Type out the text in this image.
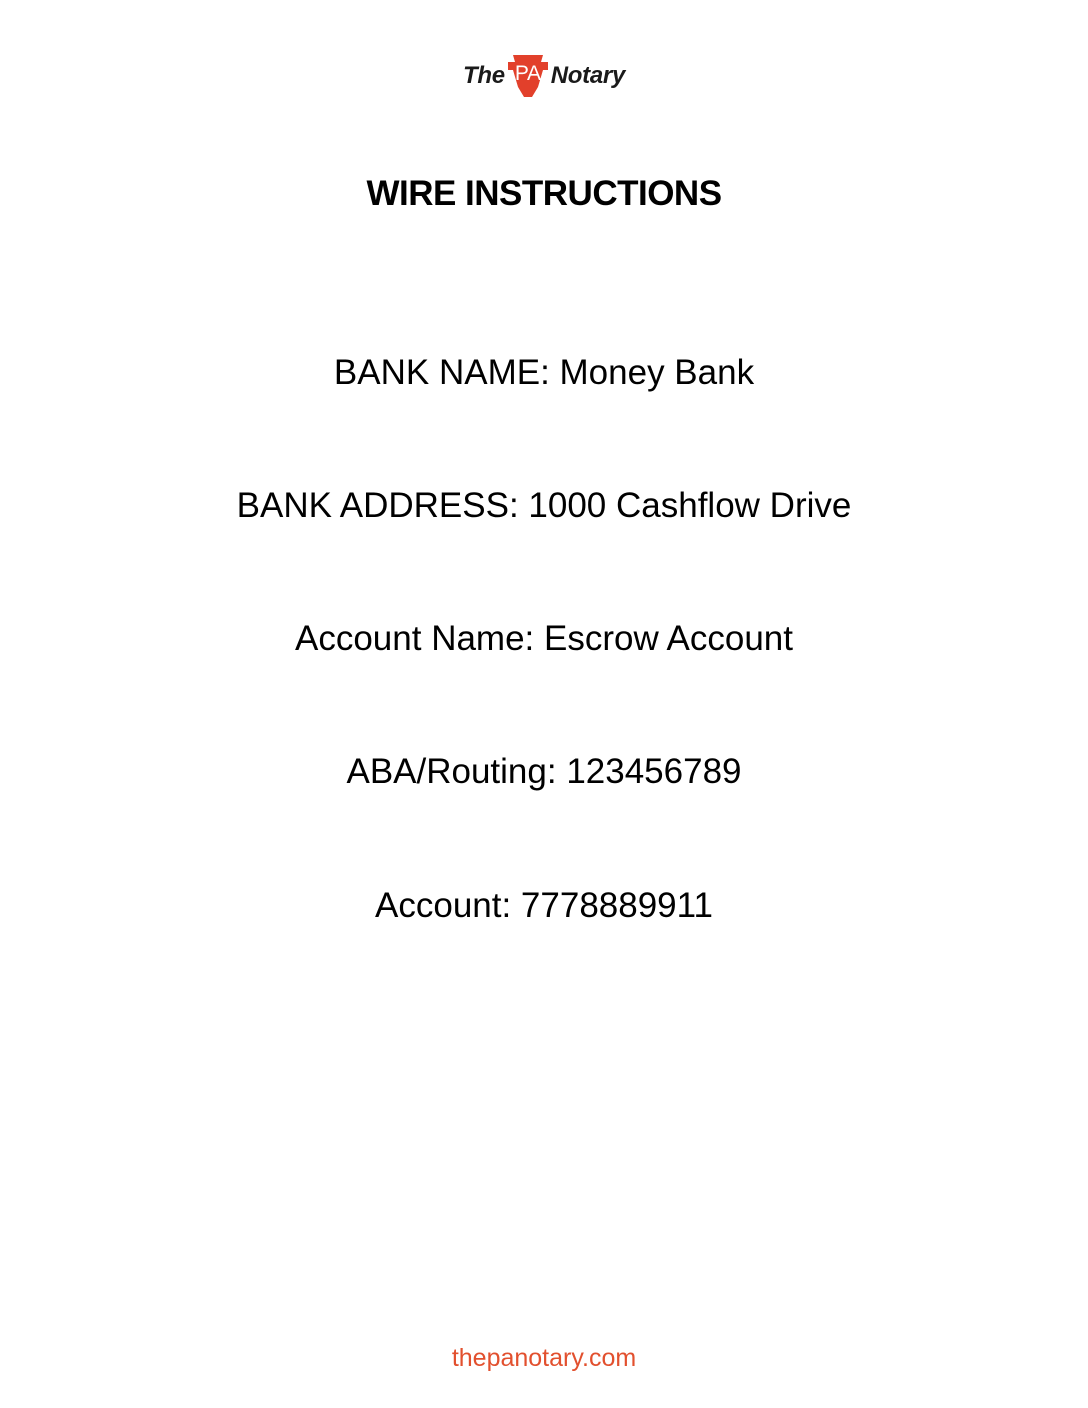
The PA Notary
WIRE INSTRUCTIONS
BANK NAME: Money Bank
BANK ADDRESS: 1000 Cashflow Drive
Account Name: Escrow Account
ABA/Routing: 123456789
Account: 7778889911
thepanotary.com
